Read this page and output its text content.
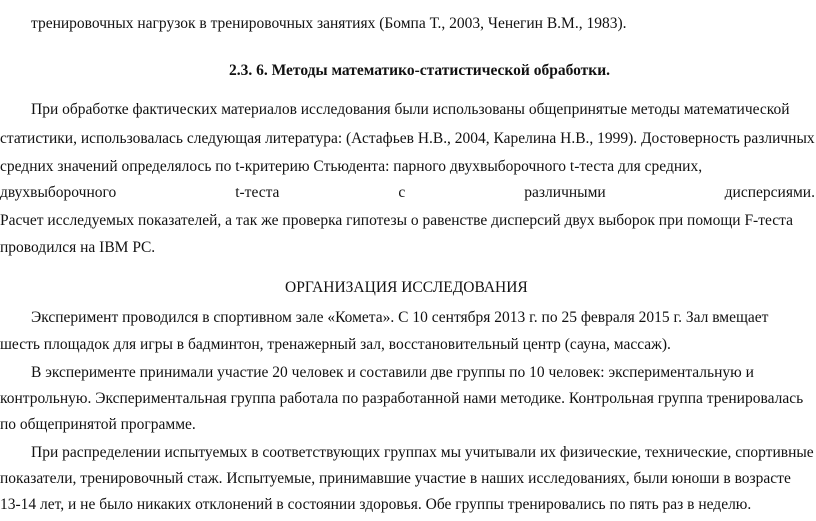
тренировочных нагрузок в тренировочных занятиях (Бомпа Т., 2003, Ченегин В.М., 1983).
2.3. 6. Методы математико-статистической обработки.
При обработке фактических материалов исследования были использованы общепринятые методы математической
статистики, использовалась следующая литература: (Астафьев Н.В., 2004, Карелина Н.В., 1999). Достоверность различных
средних значений определялось по t-критерию Стьюдента: парного двухвыборочного t-теста для средних,
двухвыборочного	t-теста	с	различными	дисперсиями.
Расчет исследуемых показателей, а так же проверка гипотезы о равенстве дисперсий двух выборок при помощи F-теста
проводился на IBM PC.
ОРГАНИЗАЦИЯ ИССЛЕДОВАНИЯ
Эксперимент проводился в спортивном зале «Комета». С 10 сентября 2013 г. по 25 февраля 2015 г. Зал вмещает
шесть площадок для игры в бадминтон, тренажерный зал, восстановительный центр (сауна, массаж).
В эксперименте принимали участие 20 человек и составили две группы по 10 человек: экспериментальную и
контрольную. Экспериментальная группа работала по разработанной нами методике. Контрольная группа тренировалась
по общепринятой программе.
При распределении испытуемых в соответствующих группах мы учитывали их физические, технические, спортивные
показатели, тренировочный стаж. Испытуемые, принимавшие участие в наших исследованиях, были юноши в возрасте
13-14 лет, и не было никаких отклонений в состоянии здоровья. Обе группы тренировались по пять раз в неделю.
